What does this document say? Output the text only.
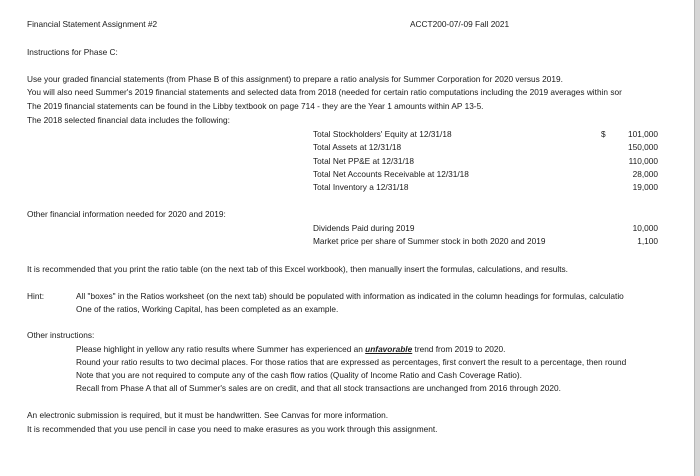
Financial Statement Assignment #2	ACCT200-07/-09 Fall 2021
Instructions for Phase C:
Use your graded financial statements (from Phase B of this assignment) to prepare a ratio analysis for Summer Corporation for 2020 versus 2019.
You will also need Summer's 2019 financial statements and selected data from 2018 (needed for certain ratio computations including the 2019 averages within sor
The 2019 financial statements can be found in the Libby textbook on page 714 - they are the Year 1 amounts within AP 13-5.
The 2018 selected financial data includes the following:
Total Stockholders' Equity at 12/31/18	$	101,000
Total Assets at 12/31/18	150,000
Total Net PP&E at 12/31/18	110,000
Total Net Accounts Receivable at 12/31/18	28,000
Total Inventory a 12/31/18	19,000
Other financial information needed for 2020 and 2019:
Dividends Paid during 2019	10,000
Market price per share of Summer stock in both 2020 and 2019	1,100
It is recommended that you print the ratio table (on the next tab of this Excel workbook), then manually insert the formulas, calculations, and results.
Hint:	All "boxes" in the Ratios worksheet (on the next tab) should be populated with information as indicated in the column headings for formulas, calculatio
One of the ratios, Working Capital, has been completed as an example.
Other instructions:
Please highlight in yellow any ratio results where Summer has experienced an unfavorable trend from 2019 to 2020.
Round your ratio results to two decimal places. For those ratios that are expressed as percentages, first convert the result to a percentage, then round
Note that you are not required to compute any of the cash flow ratios (Quality of Income Ratio and Cash Coverage Ratio).
Recall from Phase A that all of Summer's sales are on credit, and that all stock transactions are unchanged from 2016 through 2020.
An electronic submission is required, but it must be handwritten. See Canvas for more information.
It is recommended that you use pencil in case you need to make erasures as you work through this assignment.
